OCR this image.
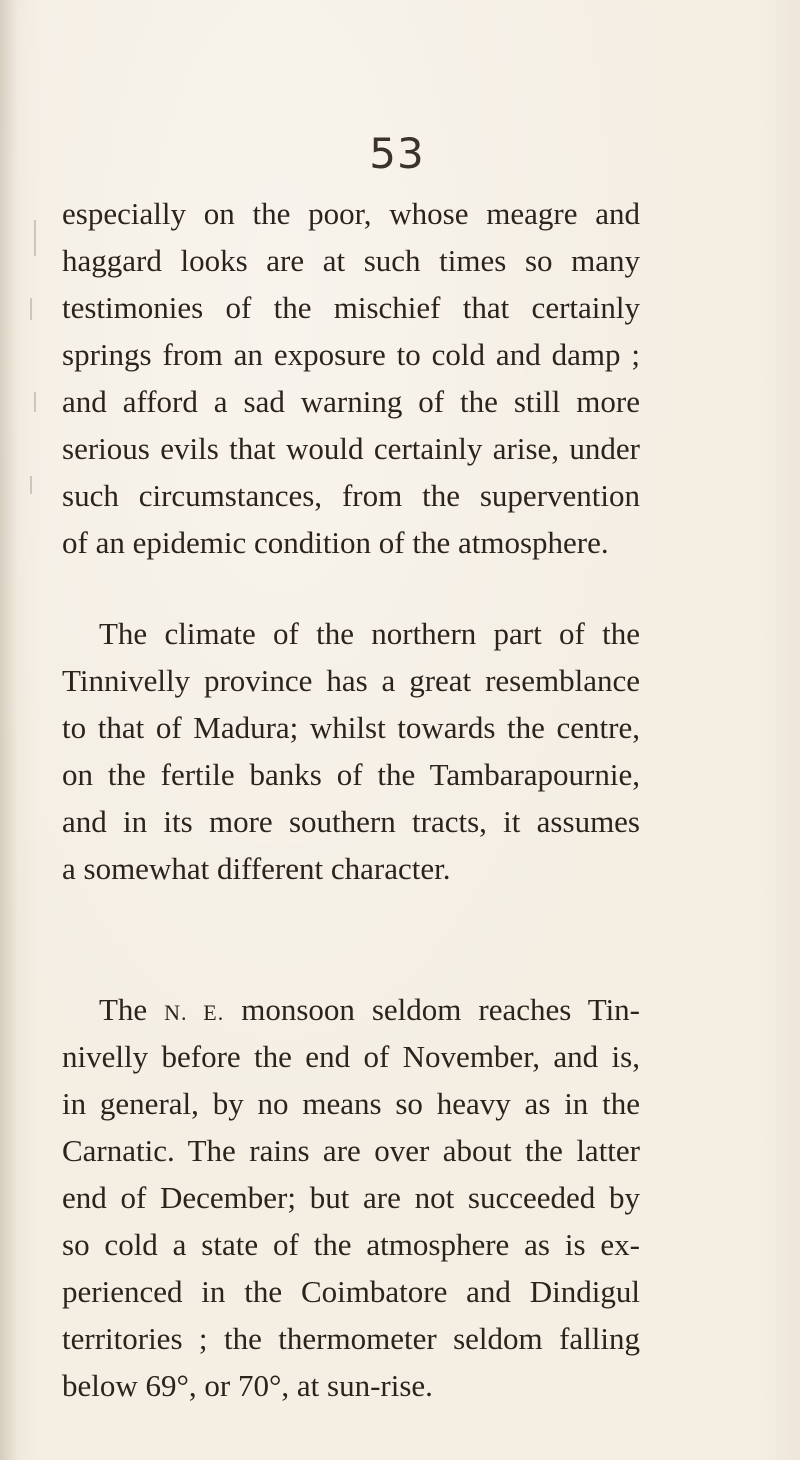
53
especially on the poor, whose meagre and
haggard looks are at such times so many
testimonies of the mischief that certainly
springs from an exposure to cold and damp ;
and afford a sad warning of the still more
serious evils that would certainly arise, under
such circumstances, from the supervention
of an epidemic condition of the atmosphere.
The climate of the northern part of the
Tinnivelly province has a great resemblance
to that of Madura; whilst towards the centre,
on the fertile banks of the Tambarapournie,
and in its more southern tracts, it assumes
a somewhat different character.
The N. E. monsoon seldom reaches Tin-
nivelly before the end of November, and is,
in general, by no means so heavy as in the
Carnatic. The rains are over about the latter
end of December; but are not succeeded by
so cold a state of the atmosphere as is ex-
perienced in the Coimbatore and Dindigul
territories ; the thermometer seldom falling
below 69°, or 70°, at sun-rise.
